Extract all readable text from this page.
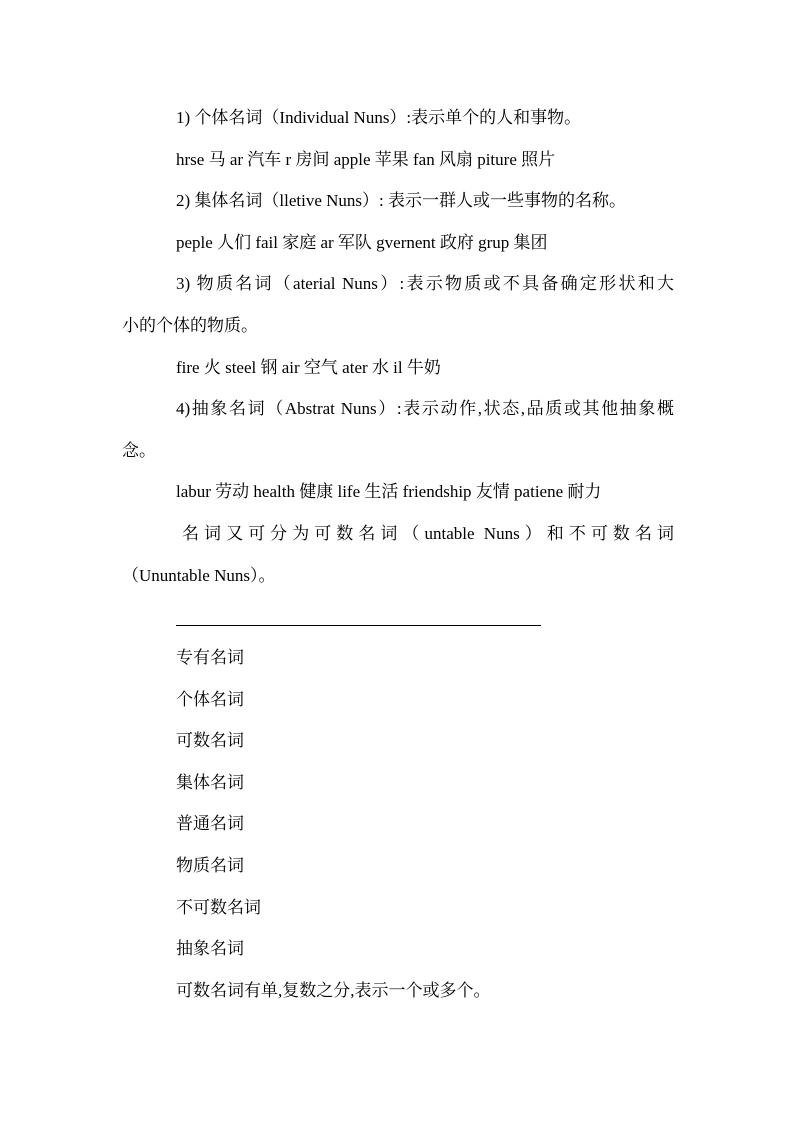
1) 个体名词（Individual Nuns）:表示单个的人和事物。
hrse 马 ar 汽车 r 房间 apple 苹果 fan 风扇 piture 照片
2) 集体名词（lletive Nuns）: 表示一群人或一些事物的名称。
peple 人们 fail 家庭 ar 军队 gvernent 政府 grup 集团
3) 物质名词（aterial Nuns）:表示物质或不具备确定形状和大
小的个体的物质。
fire 火 steel 钢 air 空气 ater 水 il 牛奶
4)抽象名词（Abstrat Nuns）:表示动作,状态,品质或其他抽象概
念。
labur 劳动 health 健康 life 生活 friendship 友情 patiene 耐力
名词又可分为可数名词（untable Nuns）和不可数名词
（Ununtable Nuns）。
专有名词
个体名词
可数名词
集体名词
普通名词
物质名词
不可数名词
抽象名词
可数名词有单,复数之分,表示一个或多个。
